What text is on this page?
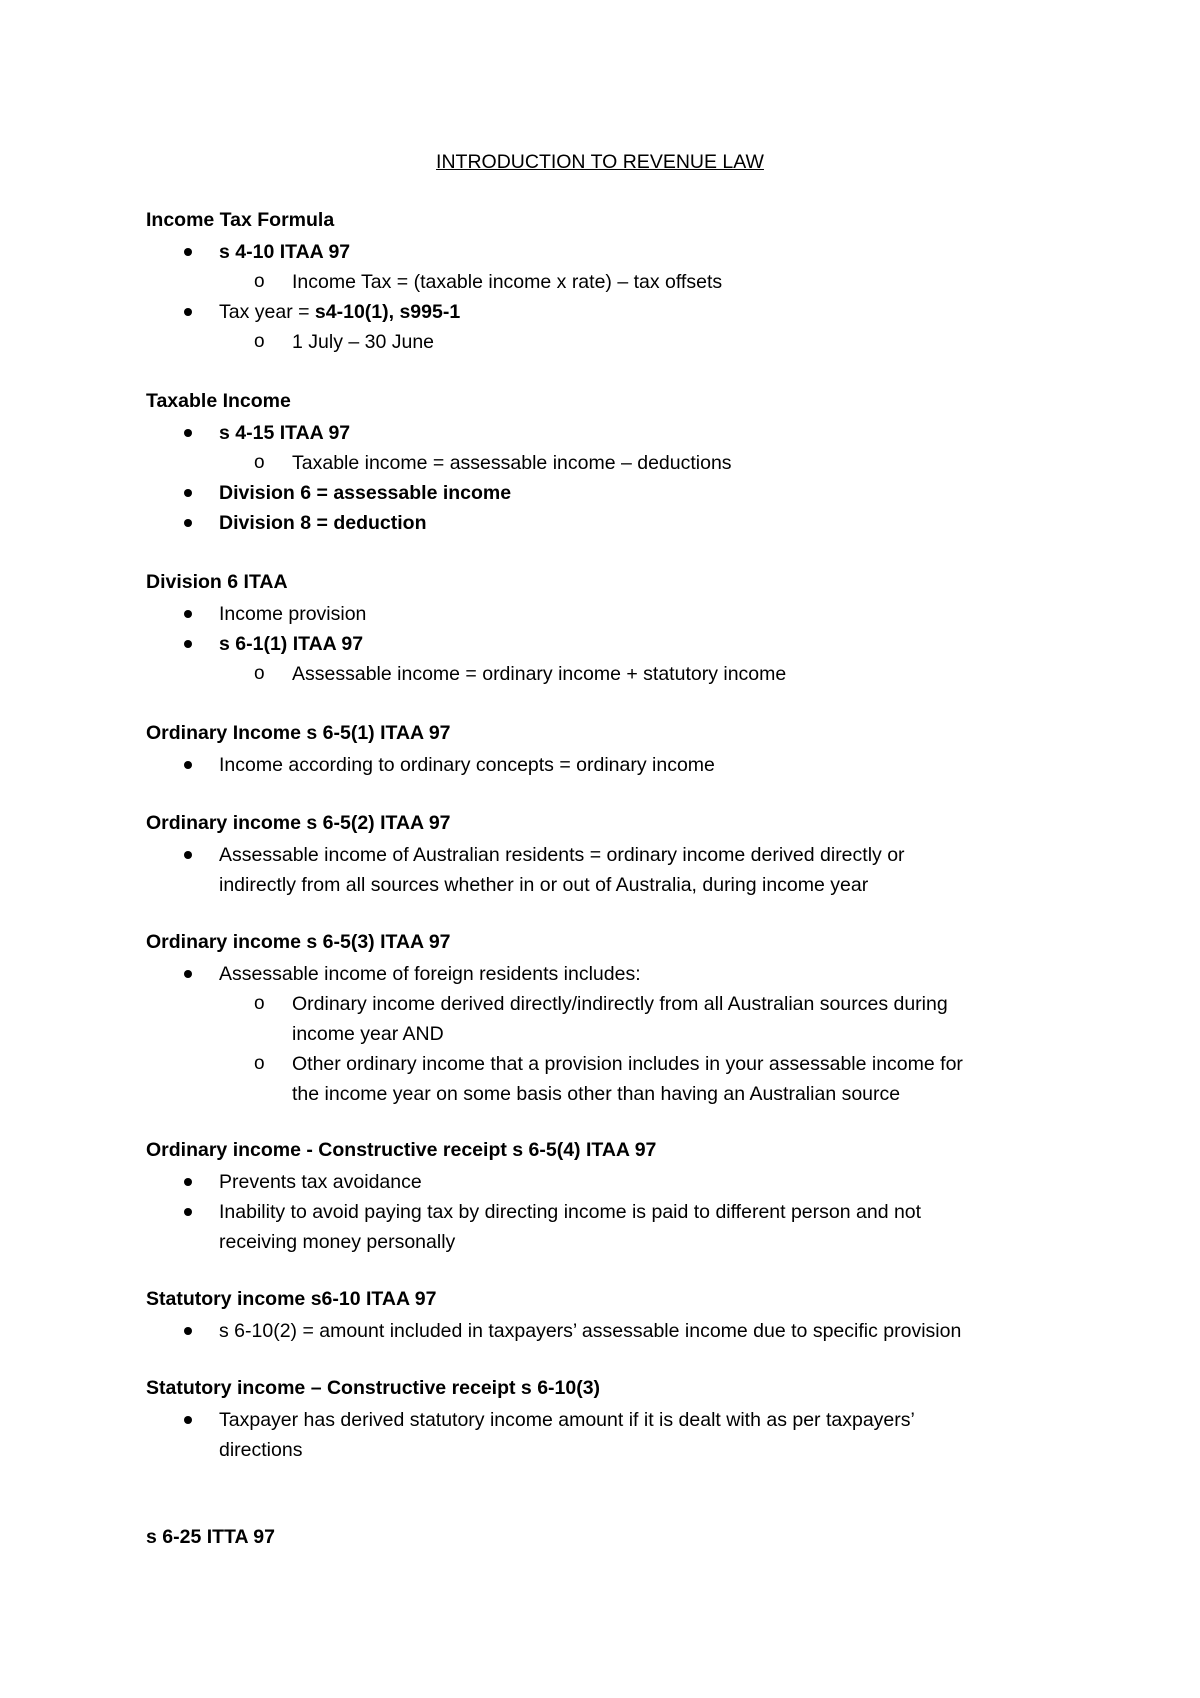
INTRODUCTION TO REVENUE LAW
Income Tax Formula
s 4-10 ITAA 97
o Income Tax = (taxable income x rate) – tax offsets
Tax year = s4-10(1), s995-1
o 1 July – 30 June
Taxable Income
s 4-15 ITAA 97
o Taxable income = assessable income – deductions
Division 6 = assessable income
Division 8 = deduction
Division 6 ITAA
Income provision
s 6-1(1) ITAA 97
o Assessable income = ordinary income + statutory income
Ordinary Income s 6-5(1) ITAA 97
Income according to ordinary concepts = ordinary income
Ordinary income s 6-5(2) ITAA 97
Assessable income of Australian residents = ordinary income derived directly or
indirectly from all sources whether in or out of Australia, during income year
Ordinary income s 6-5(3) ITAA 97
Assessable income of foreign residents includes:
o Ordinary income derived directly/indirectly from all Australian sources during
income year AND
o Other ordinary income that a provision includes in your assessable income for
the income year on some basis other than having an Australian source
Ordinary income - Constructive receipt s 6-5(4) ITAA 97
Prevents tax avoidance
Inability to avoid paying tax by directing income is paid to different person and not
receiving money personally
Statutory income s6-10 ITAA 97
s 6-10(2) = amount included in taxpayers’ assessable income due to specific provision
Statutory income – Constructive receipt s 6-10(3)
Taxpayer has derived statutory income amount if it is dealt with as per taxpayers’
directions
s 6-25 ITTA 97
